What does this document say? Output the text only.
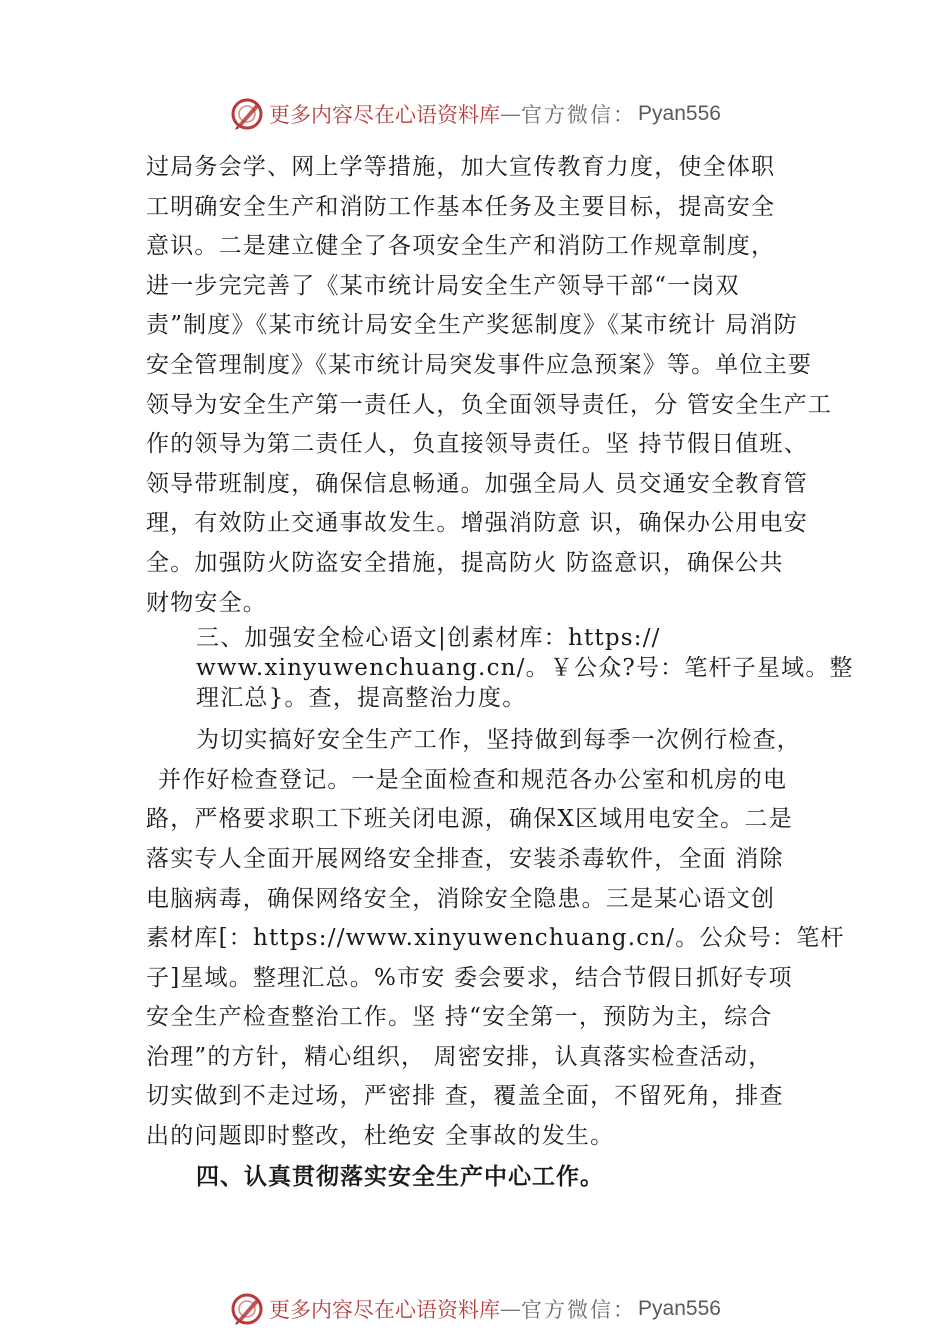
更多内容尽在心语资料库 — 官方微信： Pyan556
过局务会学、网上学等措施，加大宣传教育力度，使全体职
工明确安全生产和消防工作基本任务及主要目标，提高安全
意识。二是建立健全了各项安全生产和消防工作规章制度，
进一步完完善了《某市统计局安全生产领导干部“一岗双
责”制度》《某市统计局安全生产奖惩制度》《某市统计 局消防
安全管理制度》《某市统计局突发事件应急预案》等。单位主要
领导为安全生产第一责任人，负全面领导责任，分 管安全生产工
作的领导为第二责任人，负直接领导责任。坚 持节假日值班、
领导带班制度，确保信息畅通。加强全局人 员交通安全教育管
理，有效防止交通事故发生。增强消防意 识，确保办公用电安
全。加强防火防盗安全措施，提高防火 防盗意识，确保公共
财物安全。
三、加强安全检心语文|创素材库：https://
www.xinyuwenchuang.cn/。￥公众?号：笔杆子星域。整
理汇总}。查，提高整治力度。
为切实搞好安全生产工作，坚持做到每季一次例行检查，
并作好检查登记。一是全面检查和规范各办公室和机房的电
路，严格要求职工下班关闭电源，确保X区域用电安全。二是
落实专人全面开展网络安全排查，安装杀毒软件，全面 消除
电脑病毒，确保网络安全，消除安全隐患。三是某心语文创
素材库[：https://www.xinyuwenchuang.cn/。公众号：笔杆
子]星域。整理汇总。%市安 委会要求，结合节假日抓好专项
安全生产检查整治工作。坚 持“安全第一，预防为主，综合
治理”的方针，精心组织， 周密安排，认真落实检查活动，
切实做到不走过场，严密排 查，覆盖全面，不留死角，排查
出的问题即时整改，杜绝安 全事故的发生。
四、认真贯彻落实安全生产中心工作。
更多内容尽在心语资料库 — 官方微信： Pyan556
